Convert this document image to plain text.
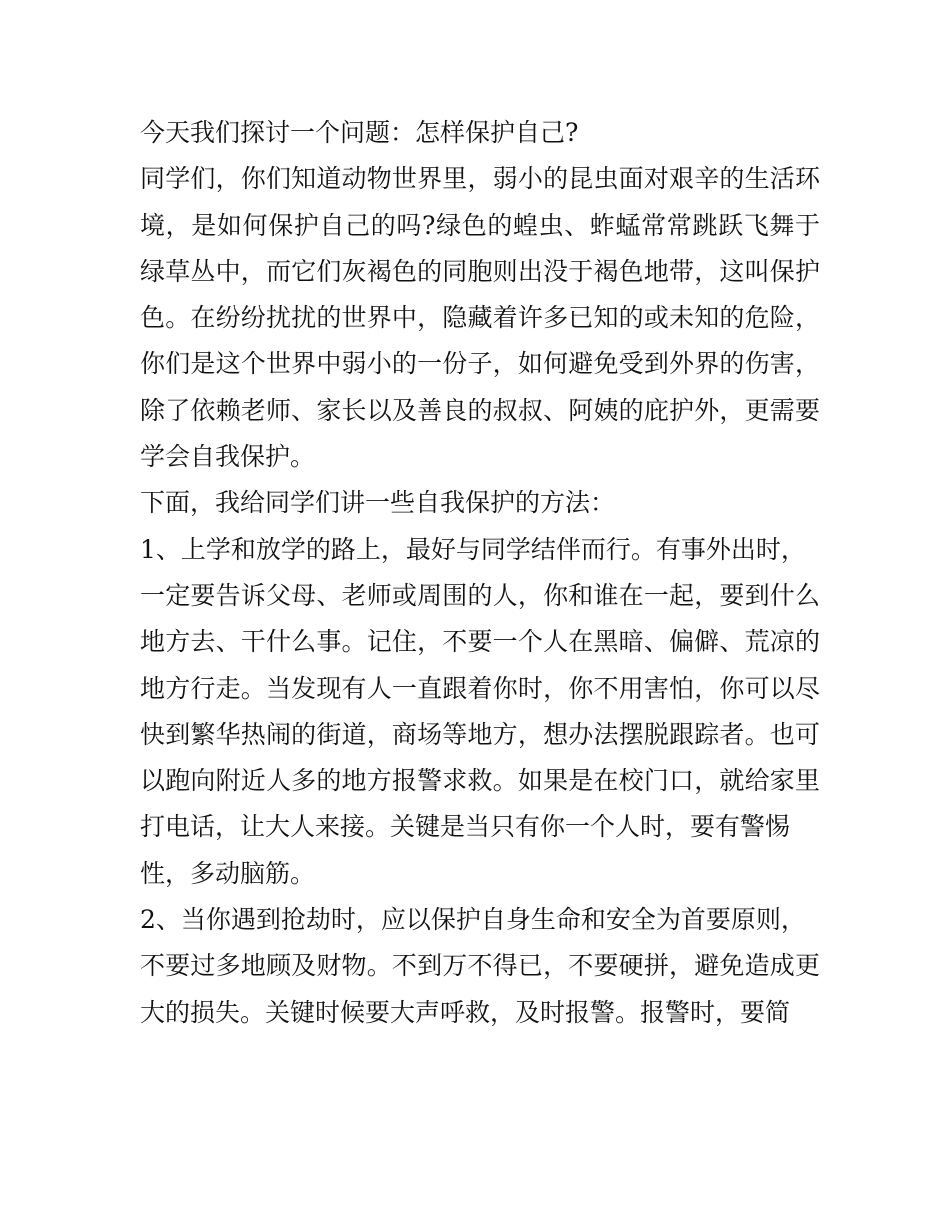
今天我们探讨一个问题：怎样保护自己?
同学们，你们知道动物世界里，弱小的昆虫面对艰辛的生活环
境，是如何保护自己的吗?绿色的蝗虫、蚱蜢常常跳跃飞舞于
绿草丛中，而它们灰褐色的同胞则出没于褐色地带，这叫保护
色。在纷纷扰扰的世界中，隐藏着许多已知的或未知的危险，
你们是这个世界中弱小的一份子，如何避免受到外界的伤害，
除了依赖老师、家长以及善良的叔叔、阿姨的庇护外，更需要
学会自我保护。
下面，我给同学们讲一些自我保护的方法：
1、上学和放学的路上，最好与同学结伴而行。有事外出时，
一定要告诉父母、老师或周围的人，你和谁在一起，要到什么
地方去、干什么事。记住，不要一个人在黑暗、偏僻、荒凉的
地方行走。当发现有人一直跟着你时，你不用害怕，你可以尽
快到繁华热闹的街道，商场等地方，想办法摆脱跟踪者。也可
以跑向附近人多的地方报警求救。如果是在校门口，就给家里
打电话，让大人来接。关键是当只有你一个人时，要有警惕
性，多动脑筋。
2、当你遇到抢劫时，应以保护自身生命和安全为首要原则，
不要过多地顾及财物。不到万不得已，不要硬拼，避免造成更
大的损失。关键时候要大声呼救，及时报警。报警时，要简
